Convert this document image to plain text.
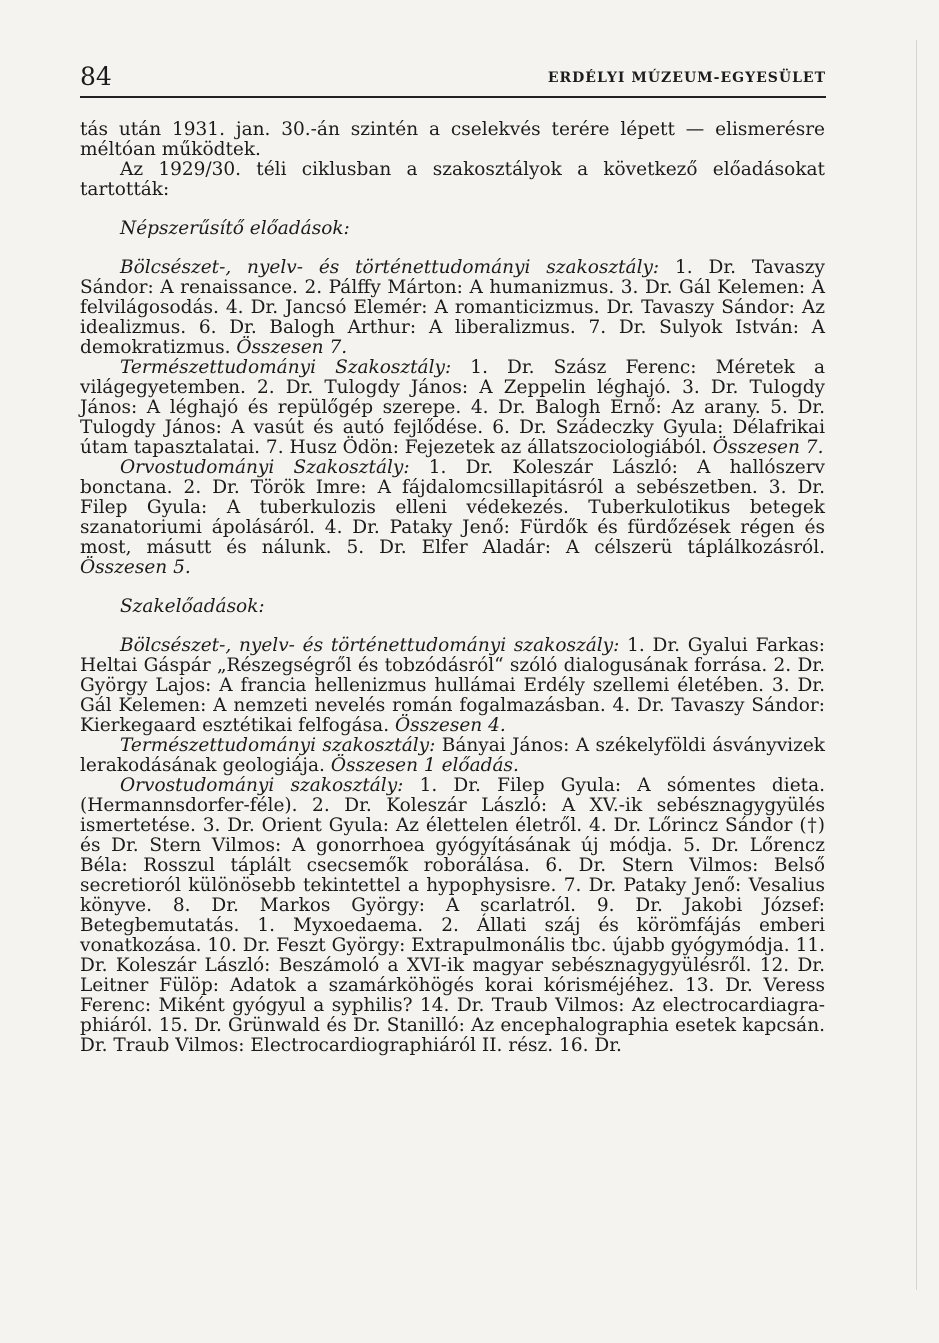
84	ERDÉLYI MÚZEUM-EGYESÜLET

tás után 1931. jan. 30.-án szintén a cselekvés terére lépett — elismerésre méltóan működtek.

Az 1929/30. téli ciklusban a szakosztályok a következő előadásokat tartották:

Népszerűsítő előadások:

Bölcsészet-, nyelv- és történettudományi szakosztály: 1. Dr. Tavaszy Sándor: A renaissance. 2. Pálffy Márton: A humanizmus. 3. Dr. Gál Kelemen: A felvilágosodás. 4. Dr. Jancsó Elemér: A romanticizmus. Dr. Tavaszy Sándor: Az idealizmus. 6. Dr. Balogh Arthur: A liberalizmus. 7. Dr. Sulyok István: A demokratizmus. Összesen 7.

Természettudományi Szakosztály: 1. Dr. Szász Ferenc: Méretek a világegyetemben. 2. Dr. Tulogdy János: A Zeppelin léghajó. 3. Dr. Tulogdy János: A léghajó és repülőgép szerepe. 4. Dr. Balogh Ernő: Az arany. 5. Dr. Tulogdy János: A vasút és autó fejlődése. 6. Dr. Szádeczky Gyula: Délafrikai útam tapasztalatai. 7. Husz Ödön: Fejezetek az állatszociologiából. Összesen 7.

Orvostudományi Szakosztály: 1. Dr. Koleszár László: A hallószerv bonctana. 2. Dr. Török Imre: A fájdalomcsillapitásról a sebészetben. 3. Dr. Filep Gyula: A tuberkulozis elleni védekezés. Tuberkulotikus betegek szanatoriumi ápolásáról. 4. Dr. Pataky Jenő: Fürdők és fürdőzések régen és most, másutt és nálunk. 5. Dr. Elfer Aladár: A célszerü táplálkozásról. Összesen 5.

Szakelőadások:

Bölcsészet-, nyelv- és történettudományi szakoszály: 1. Dr. Gyalui Farkas: Heltai Gáspár „Részegségről és tobzódásról“ szóló dialogusának forrása. 2. Dr. György Lajos: A francia hellenizmus hullámai Erdély szellemi életében. 3. Dr. Gál Kelemen: A nemzeti nevelés román fogalmazásban. 4. Dr. Tavaszy Sándor: Kierkegaard esztétikai felfogása. Összesen 4.

Természettudományi szakosztály: Bányai János: A székelyföldi ásványvizek lerakodásának geologiája. Összesen 1 előadás.

Orvostudományi szakosztály: 1. Dr. Filep Gyula: A sómentes dieta. (Hermannsdorfer-féle). 2. Dr. Koleszár László: A XV.-ik sebésznagygyülés ismertetése. 3. Dr. Orient Gyula: Az élettelen életről. 4. Dr. Lőrincz Sándor (†) és Dr. Stern Vilmos: A gonorrhoea gyógyításának új módja. 5. Dr. Lőrencz Béla: Rosszul táplált csecsemők roborálása. 6. Dr. Stern Vilmos: Belső secretioról különösebb tekintettel a hypophysisre. 7. Dr. Pataky Jenő: Vesalius könyve. 8. Dr. Markos György: A scarlatról. 9. Dr. Jakobi József: Betegbemutatás. 1. Myxoedaema. 2. Állati száj és körömfájás emberi vonatkozása. 10. Dr. Feszt György: Extrapulmonális tbc. újabb gyógymódja. 11. Dr. Koleszár László: Beszámoló a XVI-ik magyar sebésznagygyülésről. 12. Dr. Leitner Fülöp: Adatok a szamárköhögés korai kórisméjéhez. 13. Dr. Veress Ferenc: Miként gyógyul a syphilis? 14. Dr. Traub Vilmos: Az electrocardiagraphiáról. 15. Dr. Grünwald és Dr. Stanilló: Az encephalographia esetek kapcsán. Dr. Traub Vilmos: Electrocardiographiáról II. rész. 16. Dr.
